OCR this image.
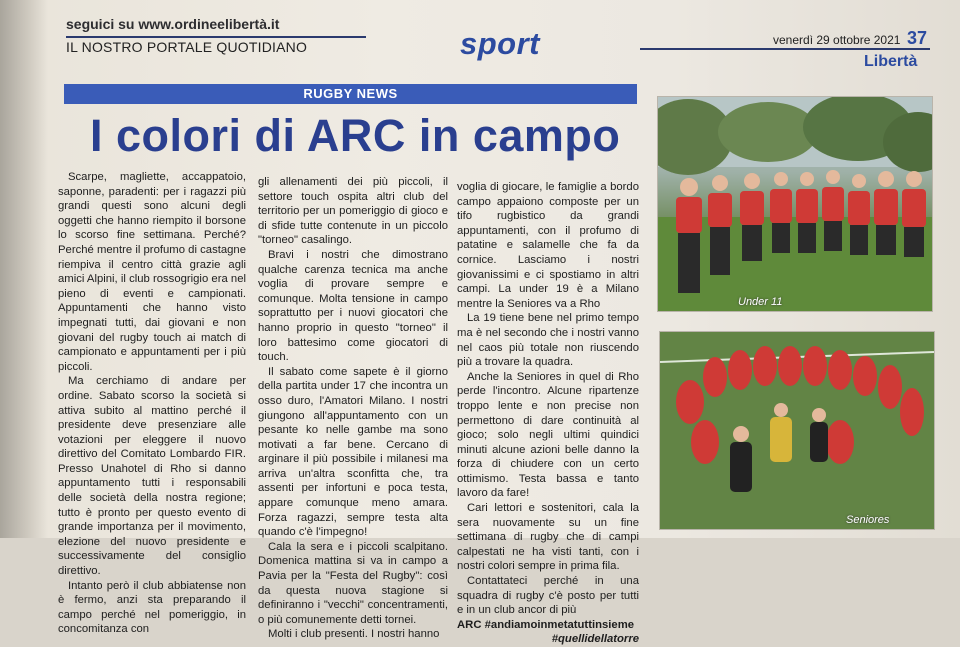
seguici su www.ordineelibertà.it
IL NOSTRO PORTALE QUOTIDIANO	sport	venerdì 29 ottobre 2021 37
Libertà
RUGBY NEWS
I colori di ARC in campo

Scarpe, magliette, accappatoio, saponne, paradenti: per i ragazzi più grandi questi sono alcuni degli oggetti che hanno riempito il borsone lo scorso fine settimana. Perché? Perché mentre il profumo di castagne riempiva il centro città grazie agli amici Alpini, il club rossogrigio era nel pieno di eventi e campionati. Appuntamenti che hanno visto impegnati tutti, dai giovani e non giovani del rugby touch ai match di campionato e appuntamenti per i più piccoli.

Ma cerchiamo di andare per ordine. Sabato scorso la società si attiva subito al mattino perché il presidente deve presenziare alle votazioni per eleggere il nuovo direttivo del Comitato Lombardo FIR. Presso Unahotel di Rho si danno appuntamento tutti i responsabili delle società della nostra regione; tutto è pronto per questo evento di grande importanza per il movimento, elezione del nuovo presidente e successivamente del consiglio direttivo.

Intanto però il club abbiatense non è fermo, anzi sta preparando il campo perché nel pomeriggio, in concomitanza con

gli allenamenti dei più piccoli, il settore touch ospita altri club del territorio per un pomeriggio di gioco e di sfide tutte contenute in un piccolo "torneo" casalingo.

Bravi i nostri che dimostrano qualche carenza tecnica ma anche voglia di provare sempre e comunque. Molta tensione in campo soprattutto per i nuovi giocatori che hanno proprio in questo "torneo" il loro battesimo come giocatori di touch.

Il sabato come sapete è il giorno della partita under 17 che incontra un osso duro, l'Amatori Milano. I nostri giungono all'appuntamento con un pesante ko nelle gambe ma sono motivati a far bene. Cercano di arginare il più possibile i milanesi ma arriva un'altra sconfitta che, tra assenti per infortuni e poca testa, appare comunque meno amara. Forza ragazzi, sempre testa alta quando c'è l'impegno!

Cala la sera e i piccoli scalpitano. Domenica mattina si va in campo a Pavia per la "Festa del Rugby": così da questa nuova stagione si definiranno i "vecchi" concentramenti, o più comunemente detti tornei.

Molti i club presenti. I nostri hanno

voglia di giocare, le famiglie a bordo campo appaiono composte per un tifo rugbistico da grandi appuntamenti, con il profumo di patatine e salamelle che fa da cornice. Lasciamo i nostri giovanissimi e ci spostiamo in altri campi. La under 19 è a Milano mentre la Seniores va a Rho

La 19 tiene bene nel primo tempo ma è nel secondo che i nostri vanno nel caos più totale non riuscendo più a trovare la quadra.

Anche la Seniores in quel di Rho perde l'incontro. Alcune ripartenze troppo lente e non precise non permettono di dare continuità al gioco; solo negli ultimi quindici minuti alcune azioni belle danno la forza di chiudere con un certo ottimismo. Testa bassa e tanto lavoro da fare!

Cari lettori e sostenitori, cala la sera nuovamente su un fine settimana di rugby che di campi calpestati ne ha visti tanti, con i nostri colori sempre in prima fila.

Contattateci perché in una squadra di rugby c'è posto per tutti e in un club ancor di più

ARC #andiamoinmetatuttinsieme

#quellidellatorre

Under 11
Seniores
